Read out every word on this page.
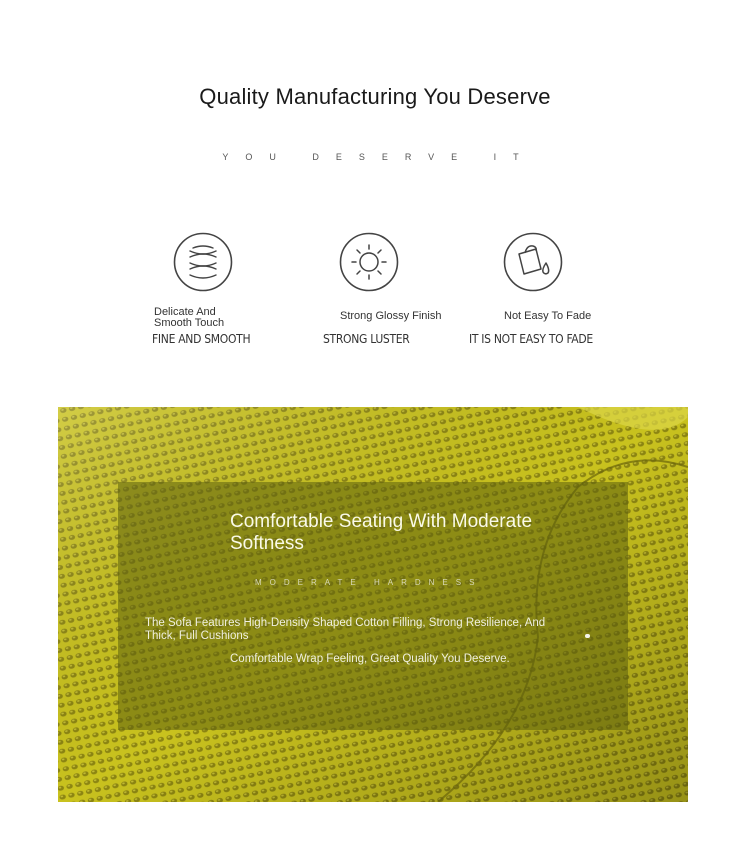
Quality Manufacturing You Deserve
YOU DESERVE IT
Delicate And
Smooth Touch
FINE AND SMOOTH
Strong Glossy Finish
STRONG LUSTER
Not Easy To Fade
IT IS NOT EASY TO FADE
Comfortable Seating With Moderate Softness
MODERATE HARDNESS
The Sofa Features High-Density Shaped Cotton Filling, Strong Resilience, And Thick, Full Cushions
Comfortable Wrap Feeling, Great Quality You Deserve.
